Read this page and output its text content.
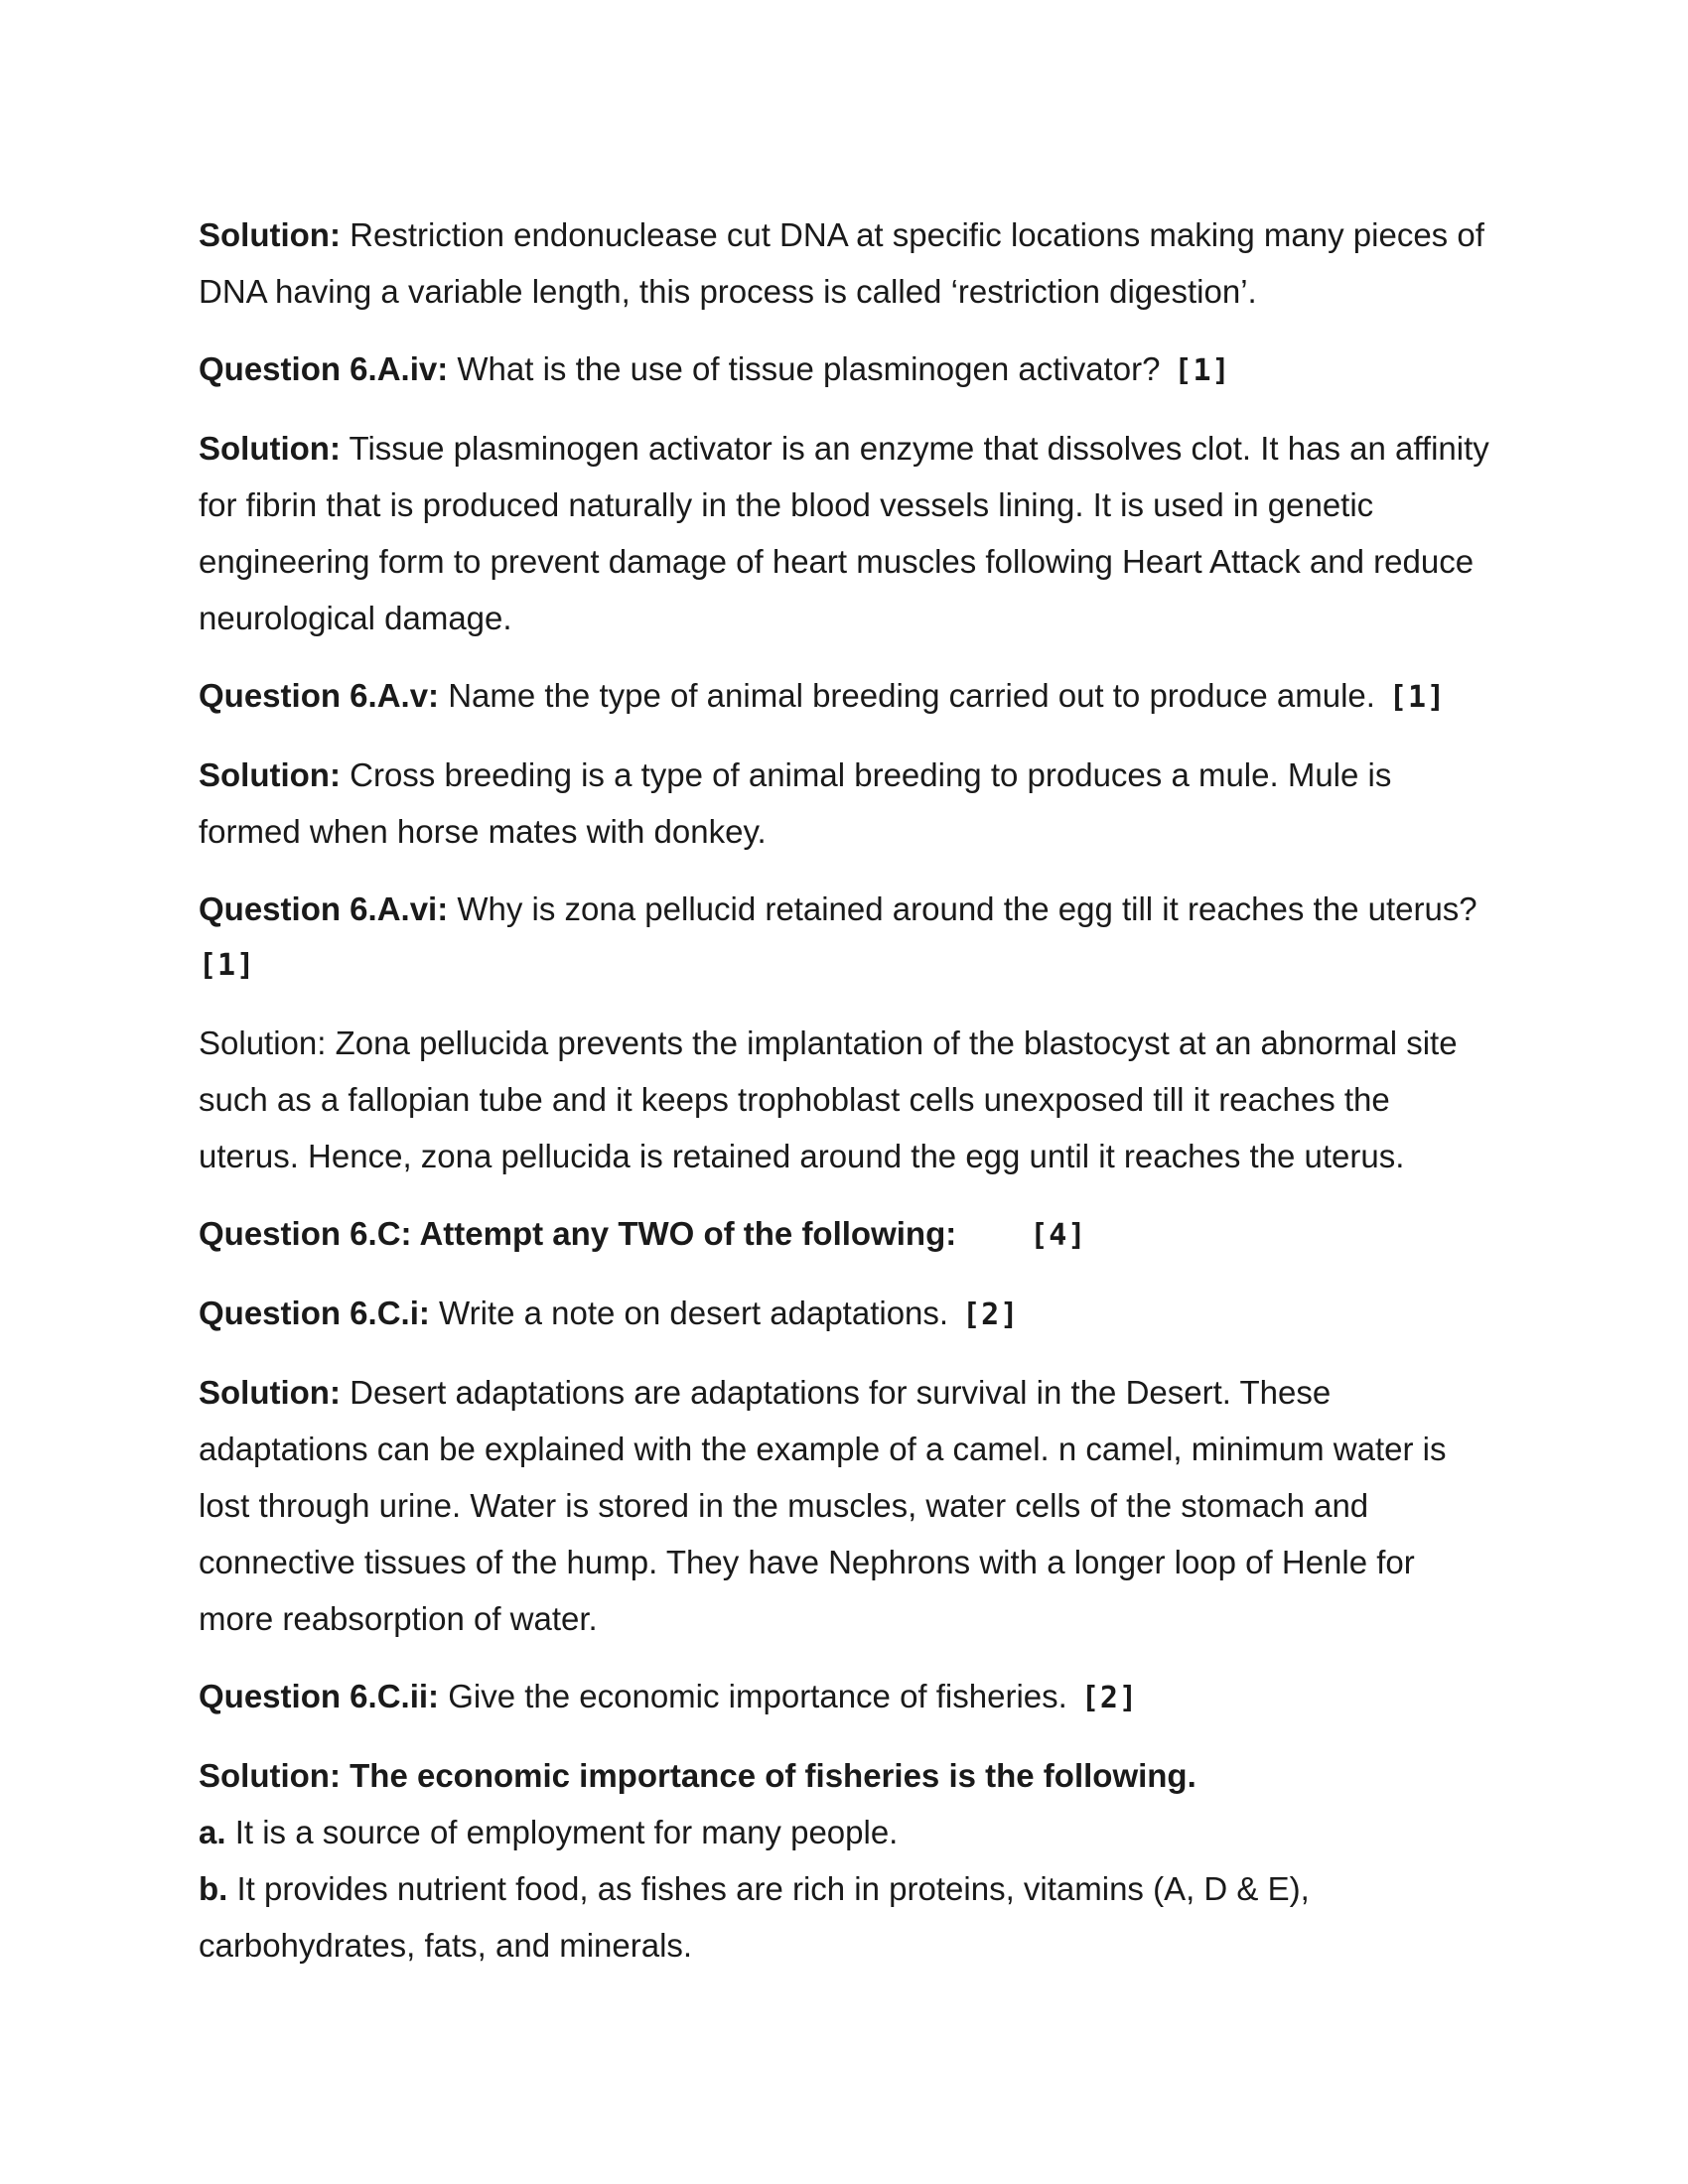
Solution: Restriction endonuclease cut DNA at specific locations making many pieces of DNA having a variable length, this process is called ‘restriction digestion’.

Question 6.A.iv: What is the use of tissue plasminogen activator? [1]

Solution: Tissue plasminogen activator is an enzyme that dissolves clot. It has an affinity for fibrin that is produced naturally in the blood vessels lining. It is used in genetic engineering form to prevent damage of heart muscles following Heart Attack and reduce neurological damage.

Question 6.A.v: Name the type of animal breeding carried out to produce amule. [1]

Solution: Cross breeding is a type of animal breeding to produces a mule. Mule is formed when horse mates with donkey.

Question 6.A.vi: Why is zona pellucid retained around the egg till it reaches the uterus?
[1]

Solution: Zona pellucida prevents the implantation of the blastocyst at an abnormal site such as a fallopian tube and it keeps trophoblast cells unexposed till it reaches the uterus. Hence, zona pellucida is retained around the egg until it reaches the uterus.

Question 6.C: Attempt any TWO of the following: [4]

Question 6.C.i: Write a note on desert adaptations. [2]

Solution: Desert adaptations are adaptations for survival in the Desert. These adaptations can be explained with the example of a camel. n camel, minimum water is lost through urine. Water is stored in the muscles, water cells of the stomach and connective tissues of the hump. They have Nephrons with a longer loop of Henle for more reabsorption of water.

Question 6.C.ii: Give the economic importance of fisheries. [2]

Solution: The economic importance of fisheries is the following.

a. It is a source of employment for many people.

b. It provides nutrient food, as fishes are rich in proteins, vitamins (A, D & E), carbohydrates, fats, and minerals.
